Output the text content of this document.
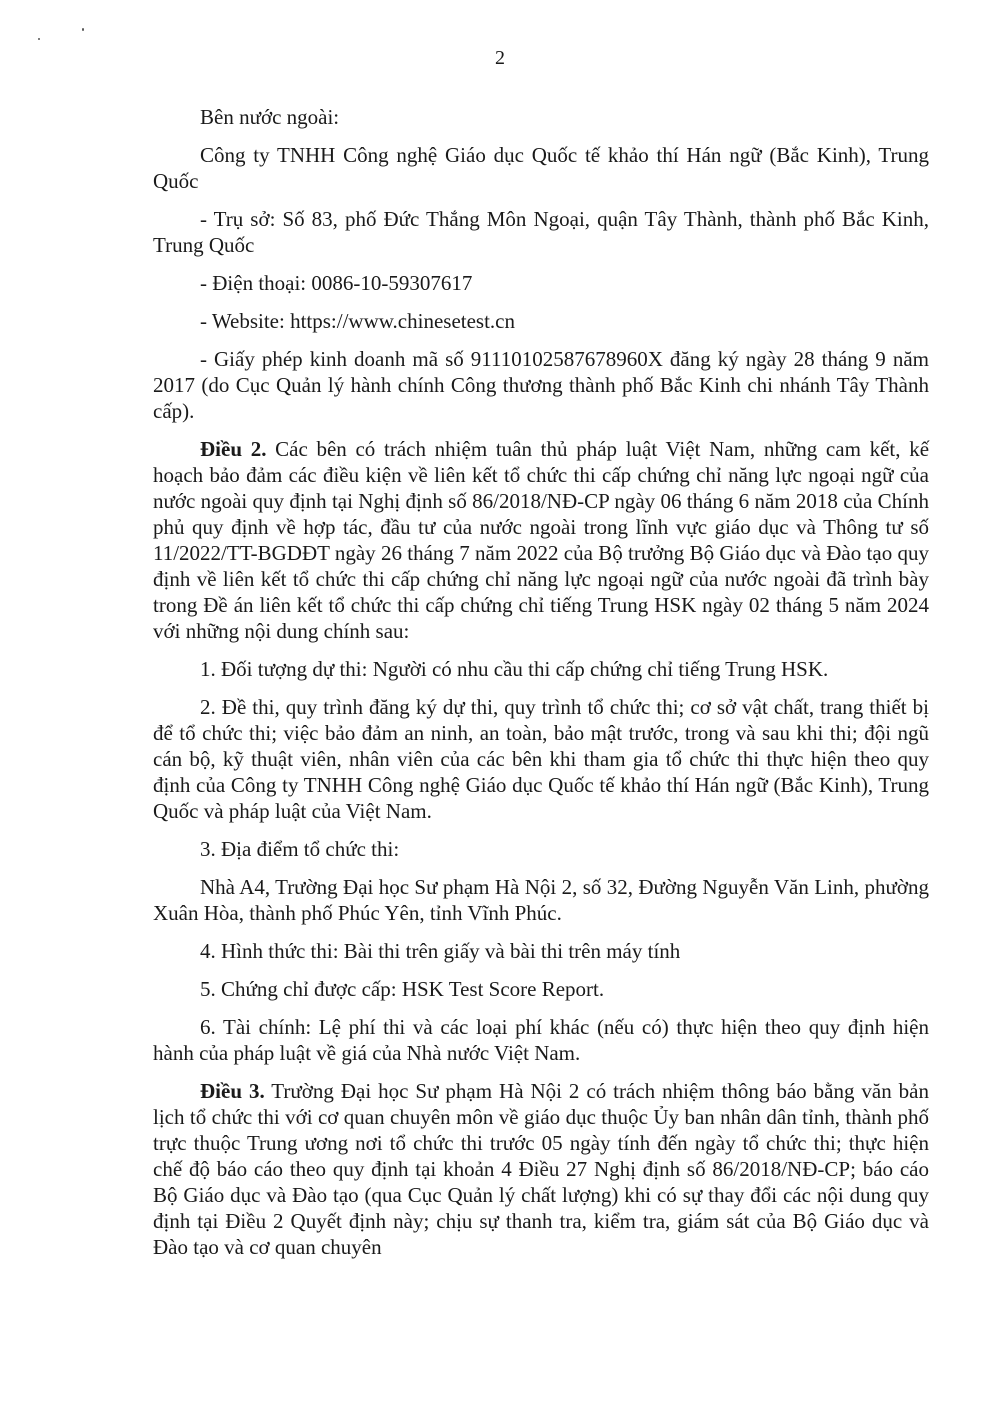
2

Bên nước ngoài:

Công ty TNHH Công nghệ Giáo dục Quốc tế khảo thí Hán ngữ (Bắc Kinh), Trung Quốc

- Trụ sở: Số 83, phố Đức Thắng Môn Ngoại, quận Tây Thành, thành phố Bắc Kinh, Trung Quốc

- Điện thoại: 0086-10-59307617

- Website: https://www.chinesetest.cn

- Giấy phép kinh doanh mã số 91110102587678960X đăng ký ngày 28 tháng 9 năm 2017 (do Cục Quản lý hành chính Công thương thành phố Bắc Kinh chi nhánh Tây Thành cấp).

Điều 2. Các bên có trách nhiệm tuân thủ pháp luật Việt Nam, những cam kết, kế hoạch bảo đảm các điều kiện về liên kết tổ chức thi cấp chứng chỉ năng lực ngoại ngữ của nước ngoài quy định tại Nghị định số 86/2018/NĐ-CP ngày 06 tháng 6 năm 2018 của Chính phủ quy định về hợp tác, đầu tư của nước ngoài trong lĩnh vực giáo dục và Thông tư số 11/2022/TT-BGDĐT ngày 26 tháng 7 năm 2022 của Bộ trưởng Bộ Giáo dục và Đào tạo quy định về liên kết tổ chức thi cấp chứng chỉ năng lực ngoại ngữ của nước ngoài đã trình bày trong Đề án liên kết tổ chức thi cấp chứng chỉ tiếng Trung HSK ngày 02 tháng 5 năm 2024 với những nội dung chính sau:

1. Đối tượng dự thi: Người có nhu cầu thi cấp chứng chỉ tiếng Trung HSK.

2. Đề thi, quy trình đăng ký dự thi, quy trình tổ chức thi; cơ sở vật chất, trang thiết bị để tổ chức thi; việc bảo đảm an ninh, an toàn, bảo mật trước, trong và sau khi thi; đội ngũ cán bộ, kỹ thuật viên, nhân viên của các bên khi tham gia tổ chức thi thực hiện theo quy định của Công ty TNHH Công nghệ Giáo dục Quốc tế khảo thí Hán ngữ (Bắc Kinh), Trung Quốc và pháp luật của Việt Nam.

3. Địa điểm tổ chức thi:

Nhà A4, Trường Đại học Sư phạm Hà Nội 2, số 32, Đường Nguyễn Văn Linh, phường Xuân Hòa, thành phố Phúc Yên, tỉnh Vĩnh Phúc.

4. Hình thức thi: Bài thi trên giấy và bài thi trên máy tính

5. Chứng chỉ được cấp: HSK Test Score Report.

6. Tài chính: Lệ phí thi và các loại phí khác (nếu có) thực hiện theo quy định hiện hành của pháp luật về giá của Nhà nước Việt Nam.

Điều 3. Trường Đại học Sư phạm Hà Nội 2 có trách nhiệm thông báo bằng văn bản lịch tổ chức thi với cơ quan chuyên môn về giáo dục thuộc Ủy ban nhân dân tỉnh, thành phố trực thuộc Trung ương nơi tổ chức thi trước 05 ngày tính đến ngày tổ chức thi; thực hiện chế độ báo cáo theo quy định tại khoản 4 Điều 27 Nghị định số 86/2018/NĐ-CP; báo cáo Bộ Giáo dục và Đào tạo (qua Cục Quản lý chất lượng) khi có sự thay đổi các nội dung quy định tại Điều 2 Quyết định này; chịu sự thanh tra, kiểm tra, giám sát của Bộ Giáo dục và Đào tạo và cơ quan chuyên
